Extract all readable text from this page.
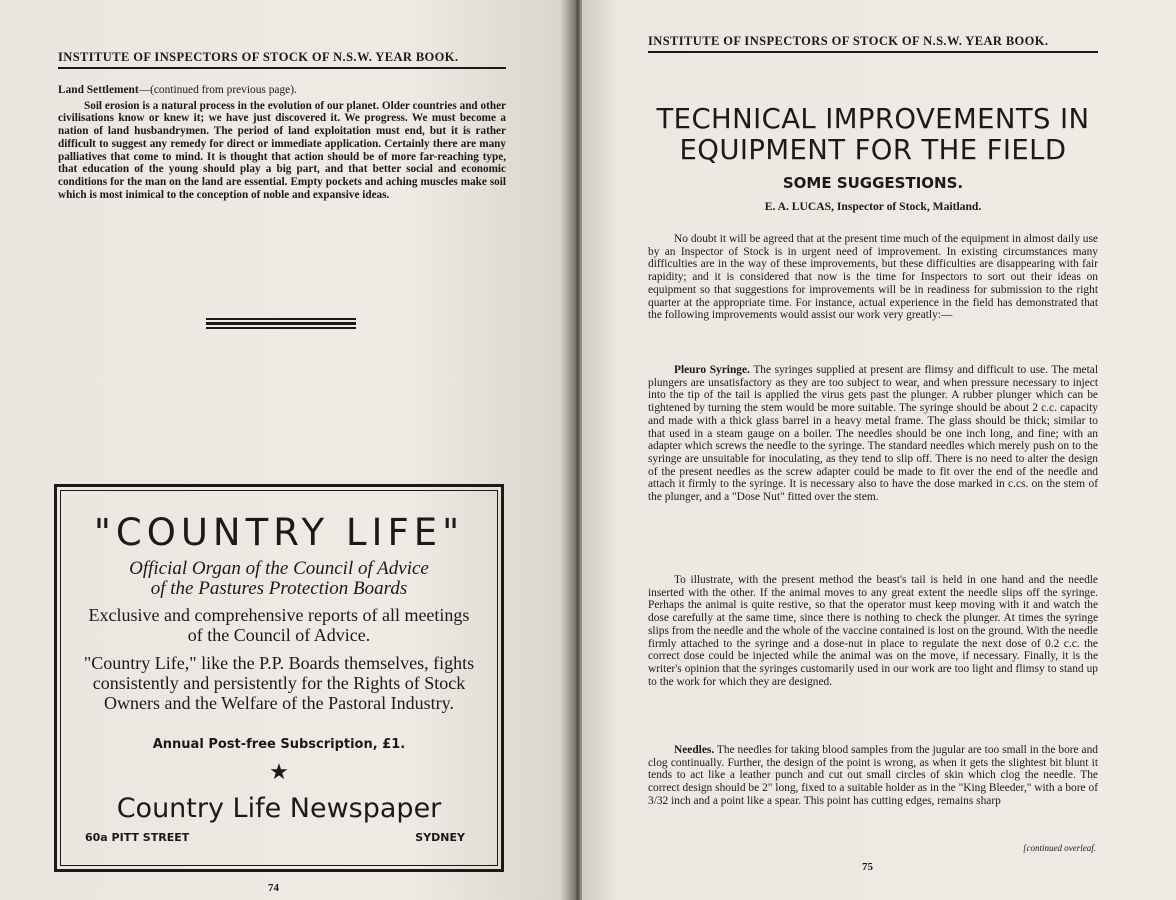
INSTITUTE OF INSPECTORS OF STOCK OF N.S.W. YEAR BOOK.
Land Settlement—(continued from previous page).
Soil erosion is a natural process in the evolution of our planet. Older countries and other civilisations know or knew it; we have just discovered it. We progress. We must become a nation of land husbandrymen. The period of land exploitation must end, but it is rather difficult to suggest any remedy for direct or immediate application. Certainly there are many palliatives that come to mind. It is thought that action should be of more far-reaching type, that education of the young should play a big part, and that better social and economic conditions for the man on the land are essential. Empty pockets and aching muscles make soil which is most inimical to the conception of noble and expansive ideas.
"COUNTRY LIFE"
Official Organ of the Council of Advice
of the Pastures Protection Boards
Exclusive and comprehensive reports of all meetings of the Council of Advice.
"Country Life," like the P.P. Boards themselves, fights consistently and persistently for the Rights of Stock Owners and the Welfare of the Pastoral Industry.
Annual Post-free Subscription, £1.
★
Country Life Newspaper
60a PITT STREET	SYDNEY
74
INSTITUTE OF INSPECTORS OF STOCK OF N.S.W. YEAR BOOK.
TECHNICAL IMPROVEMENTS IN
EQUIPMENT FOR THE FIELD
SOME SUGGESTIONS.
E. A. LUCAS, Inspector of Stock, Maitland.
No doubt it will be agreed that at the present time much of the equipment in almost daily use by an Inspector of Stock is in urgent need of improvement. In existing circumstances many difficulties are in the way of these improvements, but these difficulties are disappearing with fair rapidity; and it is considered that now is the time for Inspectors to sort out their ideas on equipment so that suggestions for improvements will be in readiness for submission to the right quarter at the appropriate time. For instance, actual experience in the field has demonstrated that the following improvements would assist our work very greatly:—
Pleuro Syringe. The syringes supplied at present are flimsy and difficult to use. The metal plungers are unsatisfactory as they are too subject to wear, and when pressure necessary to inject into the tip of the tail is applied the virus gets past the plunger. A rubber plunger which can be tightened by turning the stem would be more suitable. The syringe should be about 2 c.c. capacity and made with a thick glass barrel in a heavy metal frame. The glass should be thick; similar to that used in a steam gauge on a boiler. The needles should be one inch long, and fine; with an adapter which screws the needle to the syringe. The standard needles which merely push on to the syringe are unsuitable for inoculating, as they tend to slip off. There is no need to alter the design of the present needles as the screw adapter could be made to fit over the end of the needle and attach it firmly to the syringe. It is necessary also to have the dose marked in c.cs. on the stem of the plunger, and a "Dose Nut" fitted over the stem.
To illustrate, with the present method the beast's tail is held in one hand and the needle inserted with the other. If the animal moves to any great extent the needle slips off the syringe. Perhaps the animal is quite restive, so that the operator must keep moving with it and watch the dose carefully at the same time, since there is nothing to check the plunger. At times the syringe slips from the needle and the whole of the vaccine contained is lost on the ground. With the needle firmly attached to the syringe and a dose-nut in place to regulate the next dose of 0.2 c.c. the correct dose could be injected while the animal was on the move, if necessary. Finally, it is the writer's opinion that the syringes customarily used in our work are too light and flimsy to stand up to the work for which they are designed.
Needles. The needles for taking blood samples from the jugular are too small in the bore and clog continually. Further, the design of the point is wrong, as when it gets the slightest bit blunt it tends to act like a leather punch and cut out small circles of skin which clog the needle. The correct design should be 2" long, fixed to a suitable holder as in the "King Bleeder," with a bore of 3/32 inch and a point like a spear. This point has cutting edges, remains sharp
[continued overleaf.
75
